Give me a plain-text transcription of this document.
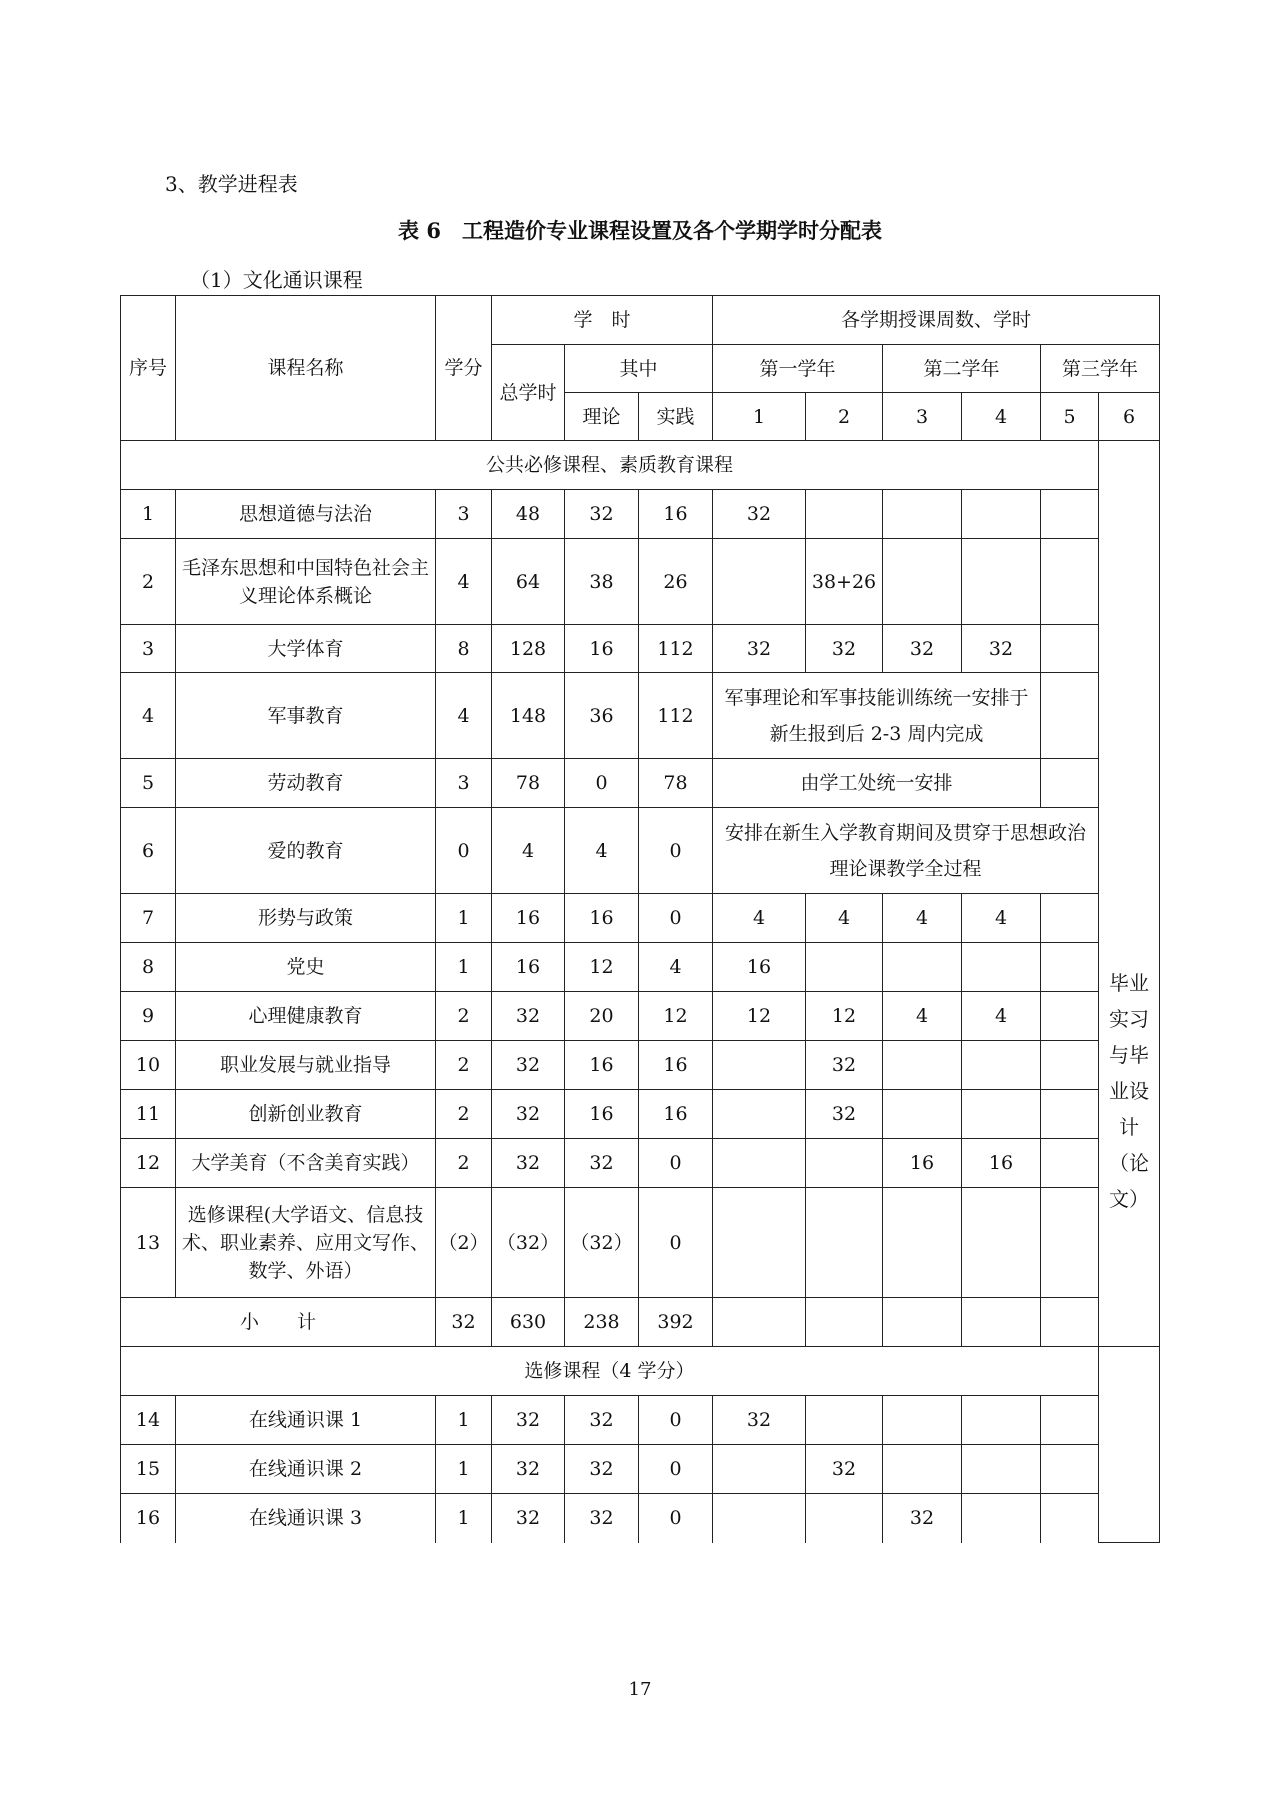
3、教学进程表
表 6　工程造价专业课程设置及各个学期学时分配表
（1）文化通识课程
序号	课程名称	学分	学　时			各学期授课周数、学时					
			总学时	其中		第一学年		第二学年		第三学年	
				理论	实践	1	2	3	4	5	6
公共必修课程、素质教育课程											毕业实习与毕业设计（论文）

1	思想道德与法治	3	48	32	16	32					
2	毛泽东思想和中国特色社会主义理论体系概论	4	64	38	26		38+26				
3	大学体育	8	128	16	112	32	32	32	32		
4	军事教育	4	148	36	112	军事理论和军事技能训练统一安排于新生报到后 2-3 周内完成					
5	劳动教育	3	78	0	78	由学工处统一安排					
6	爱的教育	0	4	4	0	安排在新生入学教育期间及贯穿于思想政治理论课教学全过程					
7	形势与政策	1	16	16	0	4	4	4	4		
8	党史	1	16	12	4	16					
9	心理健康教育	2	32	20	12	12	12	4	4		
10	职业发展与就业指导	2	32	16	16		32				
11	创新创业教育	2	32	16	16		32				
12	大学美育（不含美育实践）	2	32	32	0			16	16		
13	选修课程(大学语文、信息技术、职业素养、应用文写作、数学、外语）	（2）	（32）	（32）	0						
小　　计		32	630	238	392						
选修课程（4 学分）											
14	在线通识课 1	1	32	32	0	32					
15	在线通识课 2	1	32	32	0		32				
16	在线通识课 3	1	32	32	0			32			
17
